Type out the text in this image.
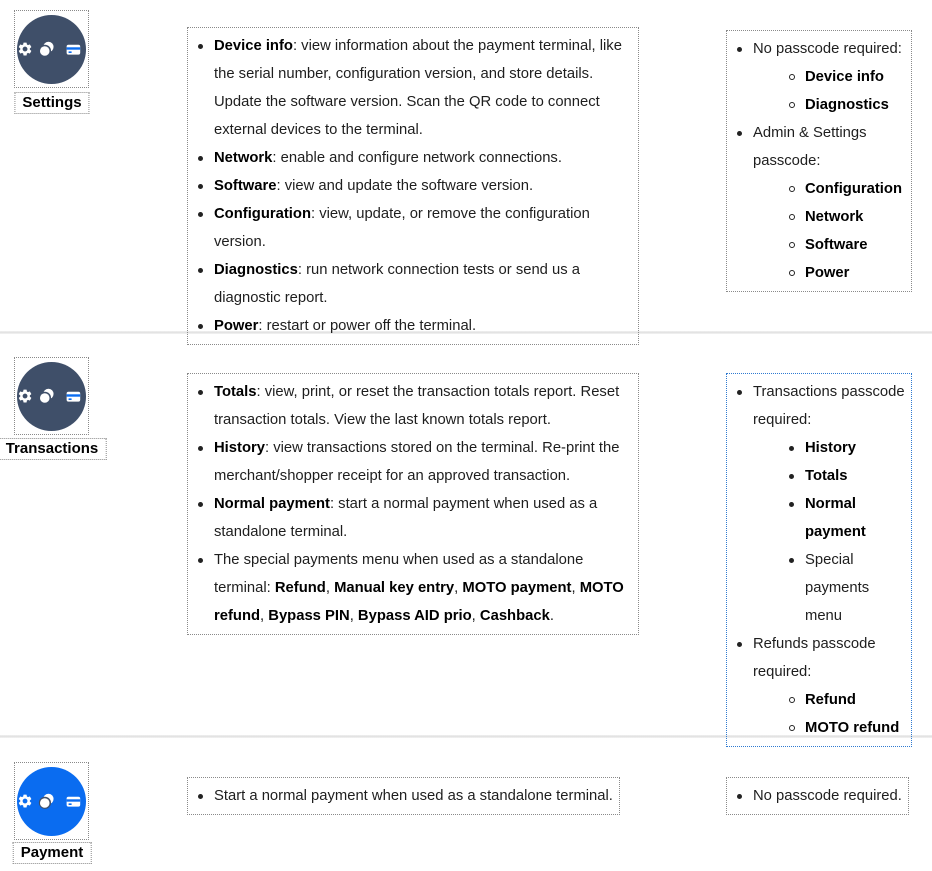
Settings
Device info: view information about the payment terminal, like the serial number, configuration version, and store details. Update the software version. Scan the QR code to connect external devices to the terminal.
Network: enable and configure network connections.
Software: view and update the software version.
Configuration: view, update, or remove the configuration version.
Diagnostics: run network connection tests or send us a diagnostic report.
Power: restart or power off the terminal.
No passcode required:
Device info
Diagnostics
Admin & Settings passcode:
Configuration
Network
Software
Power
Transactions
Totals: view, print, or reset the transaction totals report. Reset transaction totals. View the last known totals report.
History: view transactions stored on the terminal. Re-print the merchant/shopper receipt for an approved transaction.
Normal payment: start a normal payment when used as a standalone terminal.
The special payments menu when used as a standalone terminal: Refund, Manual key entry, MOTO payment, MOTO refund, Bypass PIN, Bypass AID prio, Cashback.
Transactions passcode required:
History
Totals
Normal payment
Special payments menu
Refunds passcode required:
Refund
MOTO refund
Payment
Start a normal payment when used as a standalone terminal.	No passcode required.
